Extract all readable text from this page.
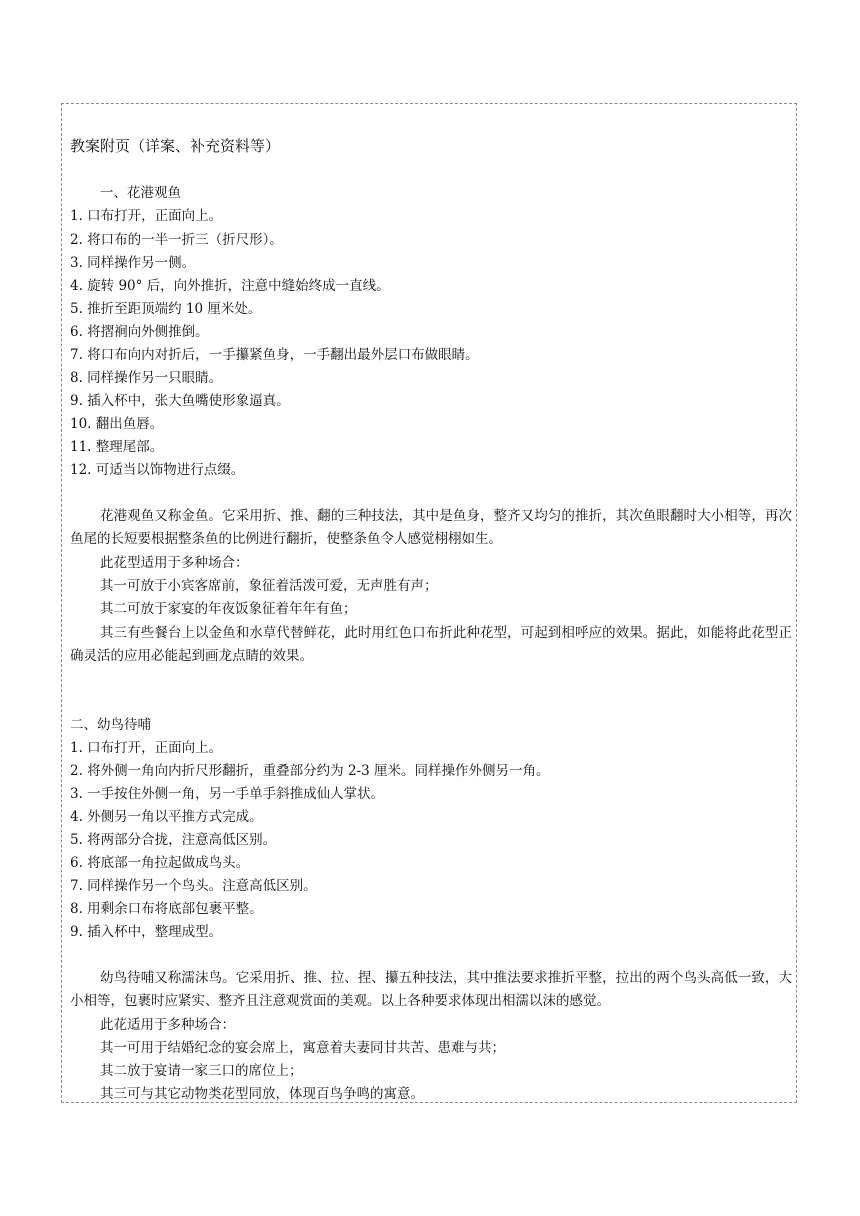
教案附页（详案、补充资料等）
一、花港观鱼
1. 口布打开，正面向上。
2. 将口布的一半一折三（折尺形）。
3. 同样操作另一侧。
4. 旋转 90° 后，向外推折，注意中缝始终成一直线。
5. 推折至距顶端约 10 厘米处。
6. 将摺裥向外侧推倒。
7. 将口布向内对折后，一手攥紧鱼身，一手翻出最外层口布做眼睛。
8. 同样操作另一只眼睛。
9. 插入杯中，张大鱼嘴使形象逼真。
10. 翻出鱼唇。
11. 整理尾部。
12. 可适当以饰物进行点缀。
花港观鱼又称金鱼。它采用折、推、翻的三种技法，其中是鱼身，整齐又均匀的推折，其次鱼眼翻时大小相等，再次鱼尾的长短要根据整条鱼的比例进行翻折，使整条鱼令人感觉栩栩如生。
此花型适用于多种场合：
其一可放于小宾客席前，象征着活泼可爱，无声胜有声；
其二可放于家宴的年夜饭象征着年年有鱼；
其三有些餐台上以金鱼和水草代替鲜花，此时用红色口布折此种花型，可起到相呼应的效果。据此，如能将此花型正确灵活的应用必能起到画龙点睛的效果。
二、幼鸟待哺
1. 口布打开，正面向上。
2. 将外侧一角向内折尺形翻折，重叠部分约为 2-3 厘米。同样操作外侧另一角。
3. 一手按住外侧一角，另一手单手斜推成仙人掌状。
4. 外侧另一角以平推方式完成。
5. 将两部分合拢，注意高低区别。
6. 将底部一角拉起做成鸟头。
7. 同样操作另一个鸟头。注意高低区别。
8. 用剩余口布将底部包裹平整。
9. 插入杯中，整理成型。
幼鸟待哺又称濡沫鸟。它采用折、推、拉、捏、攥五种技法，其中推法要求推折平整，拉出的两个鸟头高低一致，大小相等，包裹时应紧实、整齐且注意观赏面的美观。以上各种要求体现出相濡以沫的感觉。
此花适用于多种场合：
其一可用于结婚纪念的宴会席上，寓意着夫妻同甘共苦、患难与共；
其二放于宴请一家三口的席位上；
其三可与其它动物类花型同放，体现百鸟争鸣的寓意。
